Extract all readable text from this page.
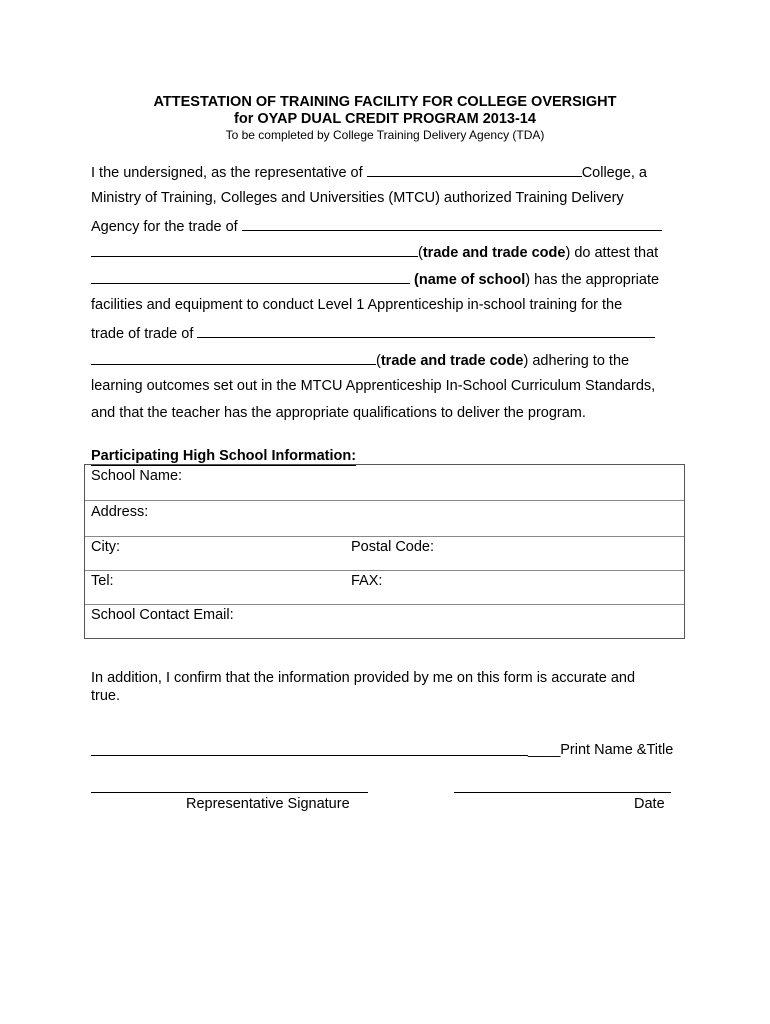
ATTESTATION OF TRAINING FACILITY FOR COLLEGE OVERSIGHT
for OYAP DUAL CREDIT PROGRAM 2013-14
To be completed by College Training Delivery Agency (TDA)
I the undersigned, as the representative of	College, a
Ministry of Training, Colleges and Universities (MTCU) authorized Training Delivery
Agency for the trade of
(trade and trade code) do attest that
(name of school) has the appropriate
facilities and equipment to conduct Level 1 Apprenticeship in-school training for the
trade of trade of
(trade and trade code) adhering to the
learning outcomes set out in the MTCU Apprenticeship In-School Curriculum Standards,
and that the teacher has the appropriate qualifications to deliver the program.
Participating High School Information:
School Name:
Address:
City:	Postal Code:
Tel:	FAX:
School Contact Email:
In addition, I confirm that the information provided by me on this form is accurate and
true.
____Print Name &Title
Representative Signature	Date
